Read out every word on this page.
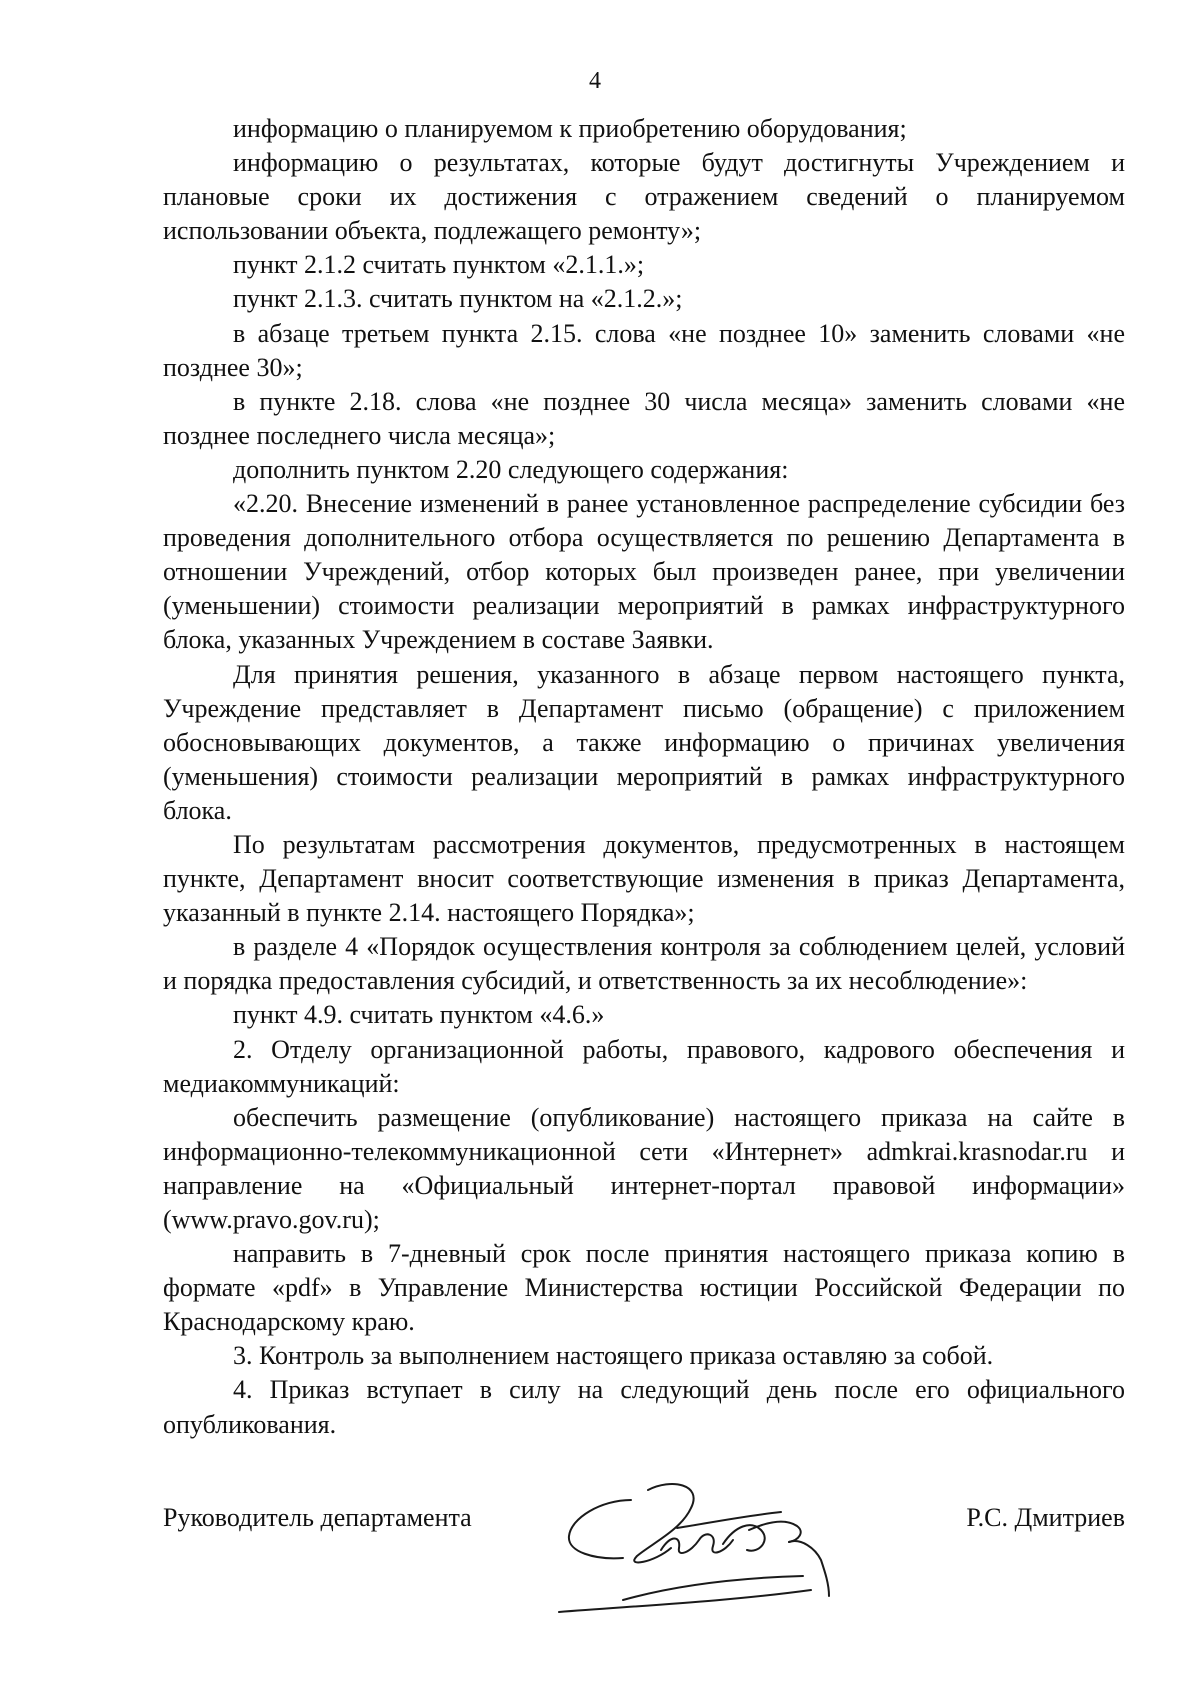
4

информацию о планируемом к приобретению оборудования;

информацию о результатах, которые будут достигнуты Учреждением и плановые сроки их достижения с отражением сведений о планируемом использовании объекта, подлежащего ремонту»;

пункт 2.1.2 считать пунктом «2.1.1.»;

пункт 2.1.3. считать пунктом на «2.1.2.»;

в абзаце третьем пункта 2.15. слова «не позднее 10» заменить словами «не позднее 30»;

в пункте 2.18. слова «не позднее 30 числа месяца» заменить словами «не позднее последнего числа месяца»;

дополнить пунктом 2.20 следующего содержания:

«2.20. Внесение изменений в ранее установленное распределение субсидии без проведения дополнительного отбора осуществляется по решению Департамента в отношении Учреждений, отбор которых был произведен ранее, при увеличении (уменьшении) стоимости реализации мероприятий в рамках инфраструктурного блока, указанных Учреждением в составе Заявки.

Для принятия решения, указанного в абзаце первом настоящего пункта, Учреждение представляет в Департамент письмо (обращение) с приложением обосновывающих документов, а также информацию о причинах увеличения (уменьшения) стоимости реализации мероприятий в рамках инфраструктурного блока.

По результатам рассмотрения документов, предусмотренных в настоящем пункте, Департамент вносит соответствующие изменения в приказ Департамента, указанный в пункте 2.14. настоящего Порядка»;

в разделе 4 «Порядок осуществления контроля за соблюдением целей, условий и порядка предоставления субсидий, и ответственность за их несоблюдение»:

пункт 4.9. считать пунктом «4.6.»

2. Отделу организационной работы, правового, кадрового обеспечения и медиакоммуникаций:

обеспечить размещение (опубликование) настоящего приказа на сайте в информационно-телекоммуникационной сети «Интернет» admkrai.krasnodar.ru и направление на «Официальный интернет-портал правовой информации» (www.pravo.gov.ru);

направить в 7-дневный срок после принятия настоящего приказа копию в формате «pdf» в Управление Министерства юстиции Российской Федерации по Краснодарскому краю.

3. Контроль за выполнением настоящего приказа оставляю за собой.

4. Приказ вступает в силу на следующий день после его официального опубликования.

Руководитель департамента	Р.С. Дмитриев
